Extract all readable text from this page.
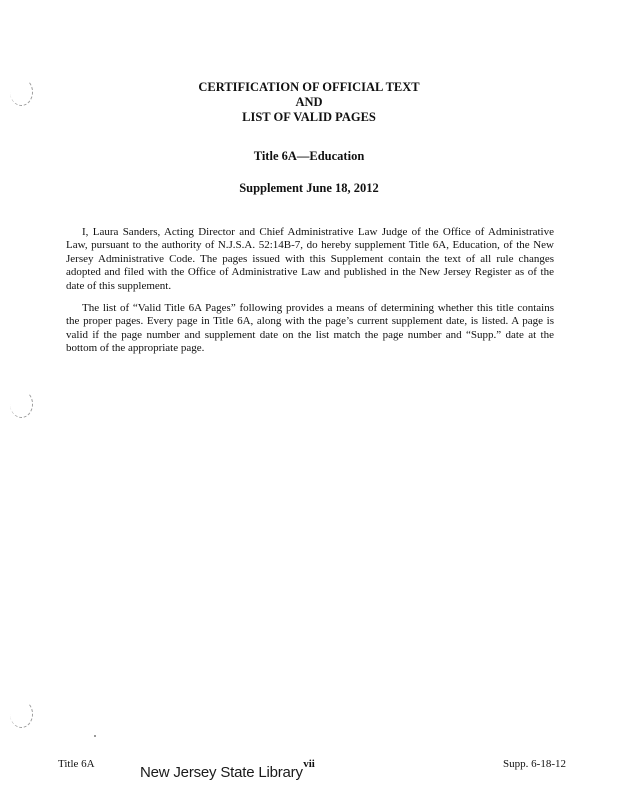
CERTIFICATION OF OFFICIAL TEXT
AND
LIST OF VALID PAGES
Title 6A—Education
Supplement June 18, 2012

I, Laura Sanders, Acting Director and Chief Administrative Law Judge of the Office of Administrative Law, pursuant to the authority of N.J.S.A. 52:14B-7, do hereby supplement Title 6A, Education, of the New Jersey Administrative Code. The pages issued with this Supplement contain the text of all rule changes adopted and filed with the Office of Administrative Law and published in the New Jersey Register as of the date of this supplement.

The list of “Valid Title 6A Pages” following provides a means of determining whether this title contains the proper pages. Every page in Title 6A, along with the page’s current supplement date, is listed. A page is valid if the page number and supplement date on the list match the page number and “Supp.” date at the bottom of the appropriate page.

Title 6A	vii	Supp. 6-18-12
New Jersey State Library
